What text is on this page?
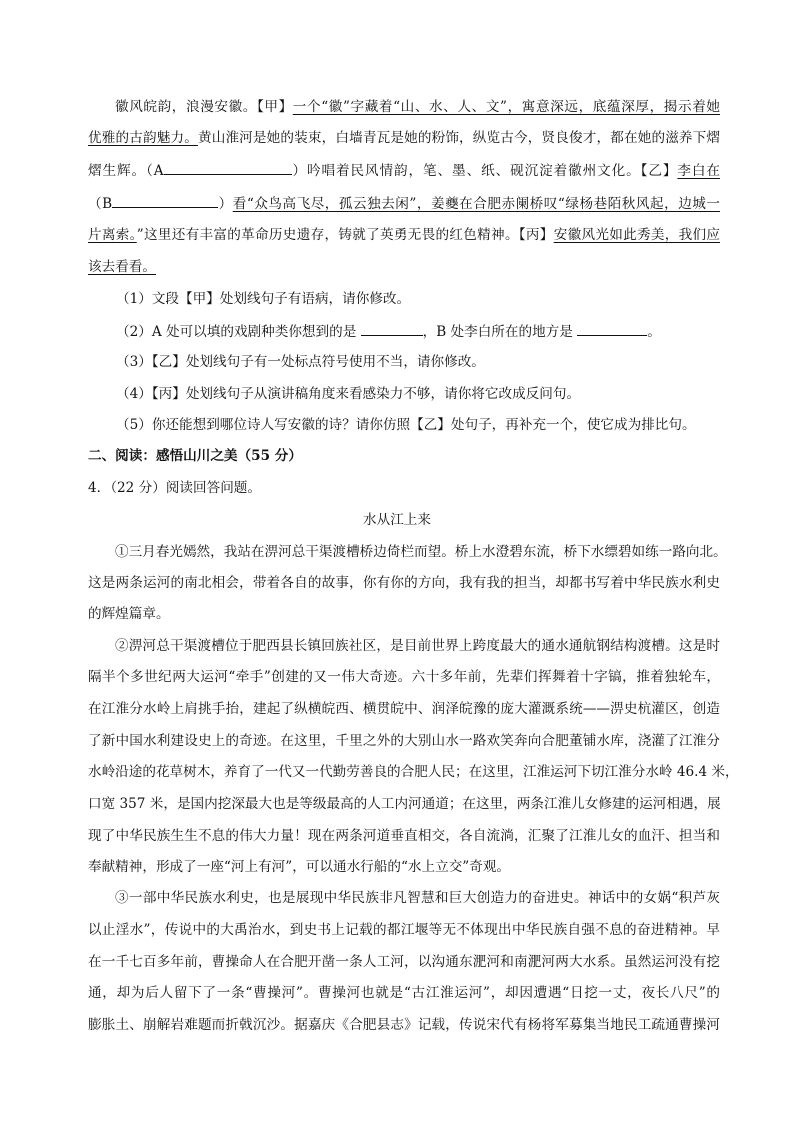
徽风皖韵，浪漫安徽。【甲】一个“徽”字藏着“山、水、人、文”，寓意深远，底蕴深厚，揭示着她
优雅的古韵魅力。黄山淮河是她的装束，白墙青瓦是她的粉饰，纵览古今，贤良俊才，都在她的滋养下熠
熠生辉。（A	）吟唱着民风情韵，笔、墨、纸、砚沉淀着徽州文化。【乙】李白在
（B	）看“众鸟高飞尽，孤云独去闲”，姜夔在合肥赤阑桥叹“绿杨巷陌秋风起，边城一
片离索。”这里还有丰富的革命历史遗存，铸就了英勇无畏的红色精神。【丙】安徽风光如此秀美，我们应
该去看看。
（1）文段【甲】处划线句子有语病，请你修改。
（2）A 处可以填的戏剧种类你想到的是	，B 处李白所在的地方是	。
（3）【乙】处划线句子有一处标点符号使用不当，请你修改。
（4）【丙】处划线句子从演讲稿角度来看感染力不够，请你将它改成反问句。
（5）你还能想到哪位诗人写安徽的诗？请你仿照【乙】处句子，再补充一个，使它成为排比句。
二、阅读：感悟山川之美（55 分）
4．（22 分）阅读回答问题。
水从江上来
①三月春光嫣然，我站在淠河总干渠渡槽桥边倚栏而望。桥上水澄碧东流，桥下水缥碧如练一路向北。
这是两条运河的南北相会，带着各自的故事，你有你的方向，我有我的担当，却都书写着中华民族水利史
的辉煌篇章。
②淠河总干渠渡槽位于肥西县长镇回族社区，是目前世界上跨度最大的通水通航钢结构渡槽。这是时
隔半个多世纪两大运河“牵手”创建的又一伟大奇迹。六十多年前，先辈们挥舞着十字镐，推着独轮车，
在江淮分水岭上肩挑手抬，建起了纵横皖西、横贯皖中、润泽皖豫的庞大灌溉系统——淠史杭灌区，创造
了新中国水利建设史上的奇迹。在这里，千里之外的大别山水一路欢笑奔向合肥董铺水库，浇灌了江淮分
水岭沿途的花草树木，养育了一代又一代勤劳善良的合肥人民；在这里，江淮运河下切江淮分水岭 46.4 米，
口宽 357 米，是国内挖深最大也是等级最高的人工内河通道；在这里，两条江淮儿女修建的运河相遇，展
现了中华民族生生不息的伟大力量！现在两条河道垂直相交，各自流淌，汇聚了江淮儿女的血汗、担当和
奉献精神，形成了一座“河上有河”，可以通水行船的“水上立交”奇观。
③一部中华民族水利史，也是展现中华民族非凡智慧和巨大创造力的奋进史。神话中的女娲“积芦灰
以止淫水”，传说中的大禹治水，到史书上记载的都江堰等无不体现出中华民族自强不息的奋进精神。早
在一千七百多年前，曹操命人在合肥开凿一条人工河，以沟通东淝河和南淝河两大水系。虽然运河没有挖
通，却为后人留下了一条“曹操河”。曹操河也就是“古江淮运河”，却因遭遇“日挖一丈，夜长八尺”的
膨胀土、崩解岩难题而折戟沉沙。据嘉庆《合肥县志》记载，传说宋代有杨将军募集当地民工疏通曹操河
